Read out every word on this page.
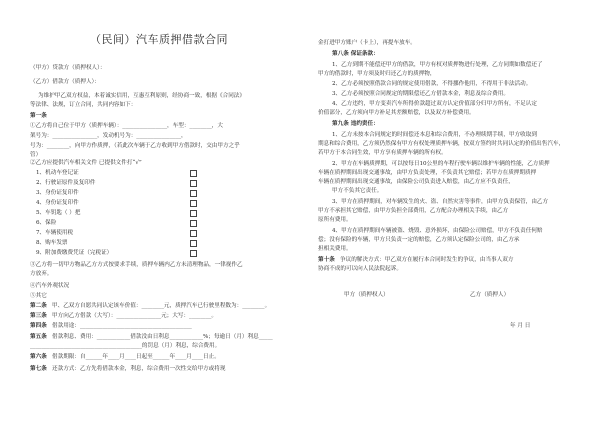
（民间）汽车质押借款合同
（甲方）贷款方（质押权人）：
（乙方）借款方（质押人）：
为维护甲乙双方权益，本着诚实信用，互惠互利原则，经协商一致，根据《合同法》
等法律、法规，订立合同，共同内容如下：
第一条
①乙方将自己位于甲方（质押车辆）：________________，车型：________，大
架号为：________________，发动机号为：________________，
号为：________，向甲方作质押，（若此次车辆于乙方收到甲方借款时，交由甲方之乎
管）
②乙方应提供汽车相关文件 已提供文件打“√”
1、机动车登记证
2、行驶证原件及复印件
3、身份证复印件
4、身份证复印件
5、车钥匙（ ）把
6、保险
7、车辆使用税
8、购车发票
9、附加费缴费凭证（完税证）
③乙方将一切甲方物品乙方方式按要求手续，质押车辆内乙方未清理物品，一律视作乙
方放弃。
④汽车外观状况
⑤其它
第二条 甲、乙双方自愿共同认定该车价值：________元，质押汽车已行驶里程数为：________。
第三条 甲方向乙方借款（大写）：________________元；大写：________。
第四条 借款用途：________________________________________
第五条 借款利息、费用：____________借款没由日利息____________%；每逾日（月）利息_____
________________________________________的罚息（月）利息，综合费用。
第六条 借款期限：自______年____月____日起至______年____月____日止。
第七条 还款方式：乙方先将借款本金，利息，综合费用一次性交给甲方或将现
金打进甲方账户（卡上），再提车放车。
第八条 保证条款：
1、乙方到期不能偿还甲方的借款，甲方有权对质押物进行处理，乙方同期如数偿还了
甲方的借款时，甲方须及时归还乙方的质押物，
2、乙方必须按照借款合同的规定使用借款，不得挪作他用，不得用于非法活动。
3、乙方必须按照合同规定的期限偿还乙方借款本金，利息及综合费用。
4、乙方违约，甲方变卖汽车所得价款超过双方认定价值部分归甲方所有，不足认定
价值部分，乙方须向甲方补足其差额赔偿，以及双方补偿费用。
第九条 违约责任：
1、乙方未按本合同规定的时间偿还本息和综合费用，不办理续期手续，甲方收取到
期息和综合费用，乙方须仍然保有甲方有权处理质押车辆，按双方签约时共同认定的价值出售汽车，
若甲方于本合同生效，甲方享有质押车辆的所有权。
2、甲方在车辆质押期，可以按每日10公里的车程行驶车辆以维护车辆的性能，乙方质押
车辆在质押期间出现交通事故，由甲方负责处理，不负责其它赔偿；若甲方在质押期质押
车辆在质押期间出现交通事故，由保险公司负责进入赔偿，由乙方应不负责任，
甲方不负其它责任。
3、甲方在质押期间，对车辆发生的火、盗、自然灾害等事件，由甲方负责保管，由乙方
甲方不承担其它赔偿，由甲方负担全部费用，乙方配合办理相关手续，由乙方
原所有费用。
4、甲方在质押期间车辆被盗、烧毁、意外损坏，由保险公司赔偿，甲方不负责任何赔
偿；没有保险的车辆，甲方只负责一定的赔偿，乙方须认定保险公司的，由乙方承
担相关费用。
第十条 争议的解决方式：甲乙双方在履行本合同时发生的争议，由当事人双方
协商不成的可以向人民法院起诉。
甲方（质押权人）	乙方（质押人）
年 月 日
